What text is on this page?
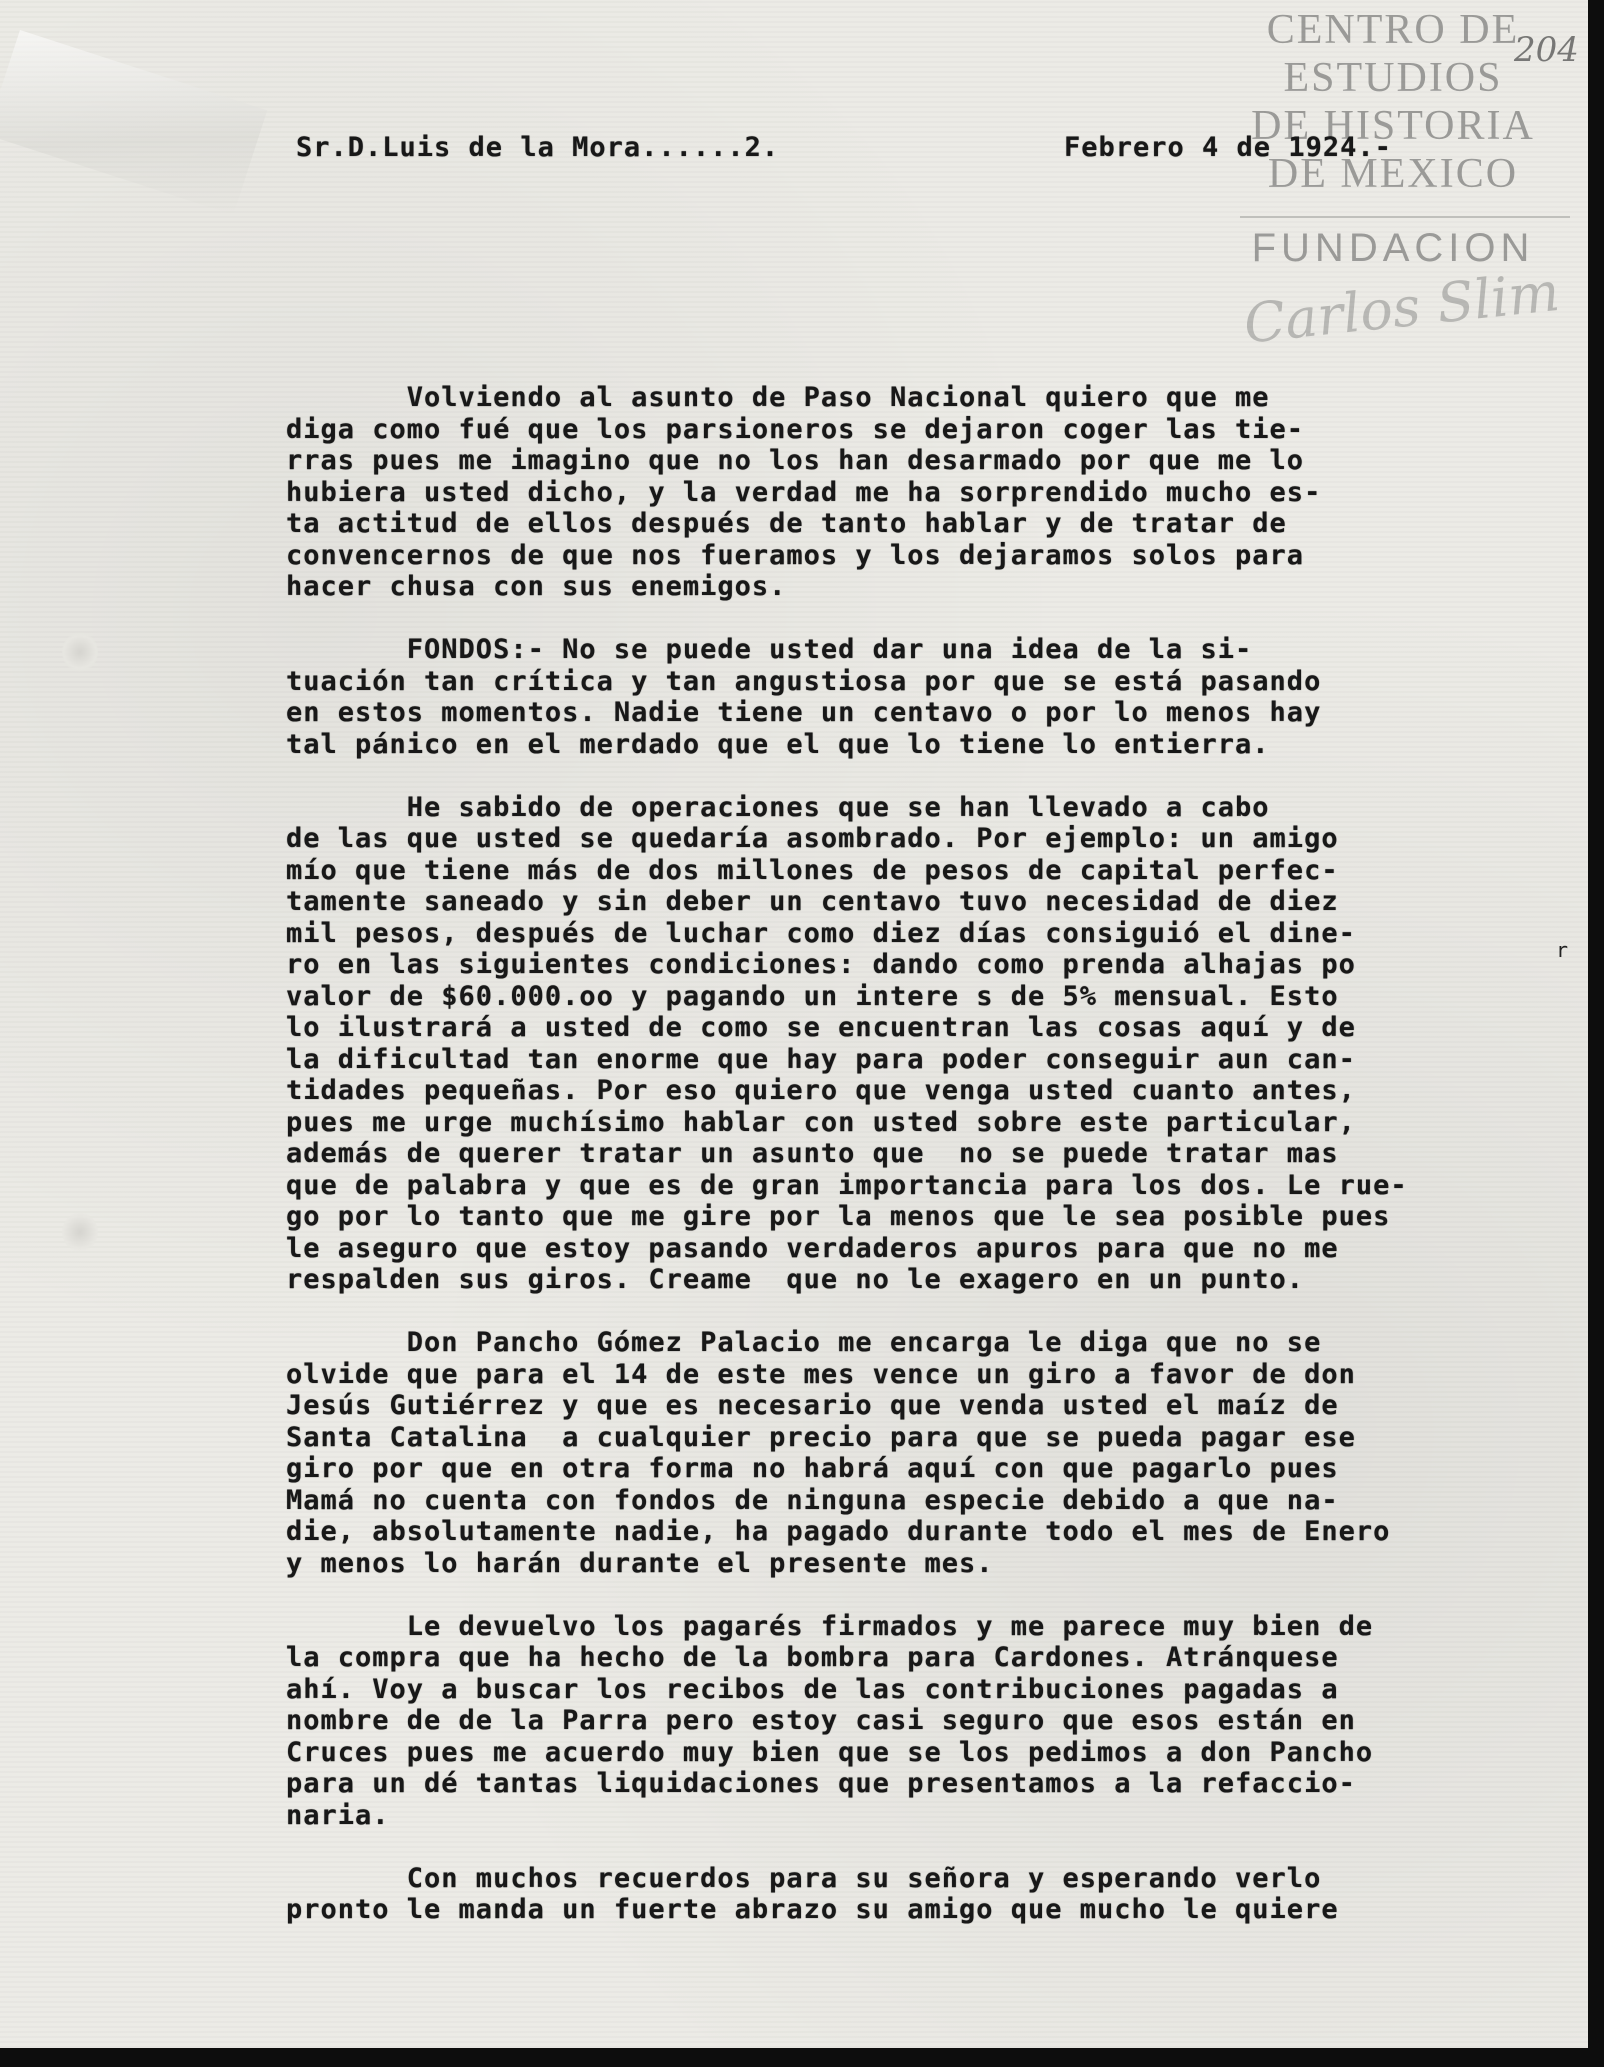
CENTRO DE
ESTUDIOS
DE HISTORIA
DE MEXICO
FUNDACION
Carlos Slim
204
Sr.D.Luis de la Mora......2.	Febrero 4 de 1924.-
r
Volviendo al asunto de Paso Nacional quiero que me
diga como fué que los parsioneros se dejaron coger las tie-
rras pues me imagino que no los han desarmado por que me lo
hubiera usted dicho, y la verdad me ha sorprendido mucho es-
ta actitud de ellos después de tanto hablar y de tratar de
convencernos de que nos fueramos y los dejaramos solos para
hacer chusa con sus enemigos.

FONDOS:- No se puede usted dar una idea de la si-
tuación tan crítica y tan angustiosa por que se está pasando
en estos momentos. Nadie tiene un centavo o por lo menos hay
tal pánico en el merdado que el que lo tiene lo entierra.

He sabido de operaciones que se han llevado a cabo
de las que usted se quedaría asombrado. Por ejemplo: un amigo
mío que tiene más de dos millones de pesos de capital perfec-
tamente saneado y sin deber un centavo tuvo necesidad de diez
mil pesos, después de luchar como diez días consiguió el dine-
ro en las siguientes condiciones: dando como prenda alhajas po
valor de $60.000.oo y pagando un intere s de 5% mensual. Esto
lo ilustrará a usted de como se encuentran las cosas aquí y de
la dificultad tan enorme que hay para poder conseguir aun can-
tidades pequeñas. Por eso quiero que venga usted cuanto antes,
pues me urge muchísimo hablar con usted sobre este particular,
además de querer tratar un asunto que  no se puede tratar mas
que de palabra y que es de gran importancia para los dos. Le rue-
go por lo tanto que me gire por la menos que le sea posible pues
le aseguro que estoy pasando verdaderos apuros para que no me
respalden sus giros. Creame  que no le exagero en un punto.

Don Pancho Gómez Palacio me encarga le diga que no se
olvide que para el 14 de este mes vence un giro a favor de don
Jesús Gutiérrez y que es necesario que venda usted el maíz de
Santa Catalina  a cualquier precio para que se pueda pagar ese
giro por que en otra forma no habrá aquí con que pagarlo pues
Mamá no cuenta con fondos de ninguna especie debido a que na-
die, absolutamente nadie, ha pagado durante todo el mes de Enero
y menos lo harán durante el presente mes.

Le devuelvo los pagarés firmados y me parece muy bien de
la compra que ha hecho de la bombra para Cardones. Atránquese
ahí. Voy a buscar los recibos de las contribuciones pagadas a
nombre de de la Parra pero estoy casi seguro que esos están en
Cruces pues me acuerdo muy bien que se los pedimos a don Pancho
para un dé tantas liquidaciones que presentamos a la refaccio-
naria.

Con muchos recuerdos para su señora y esperando verlo
pronto le manda un fuerte abrazo su amigo que mucho le quiere
